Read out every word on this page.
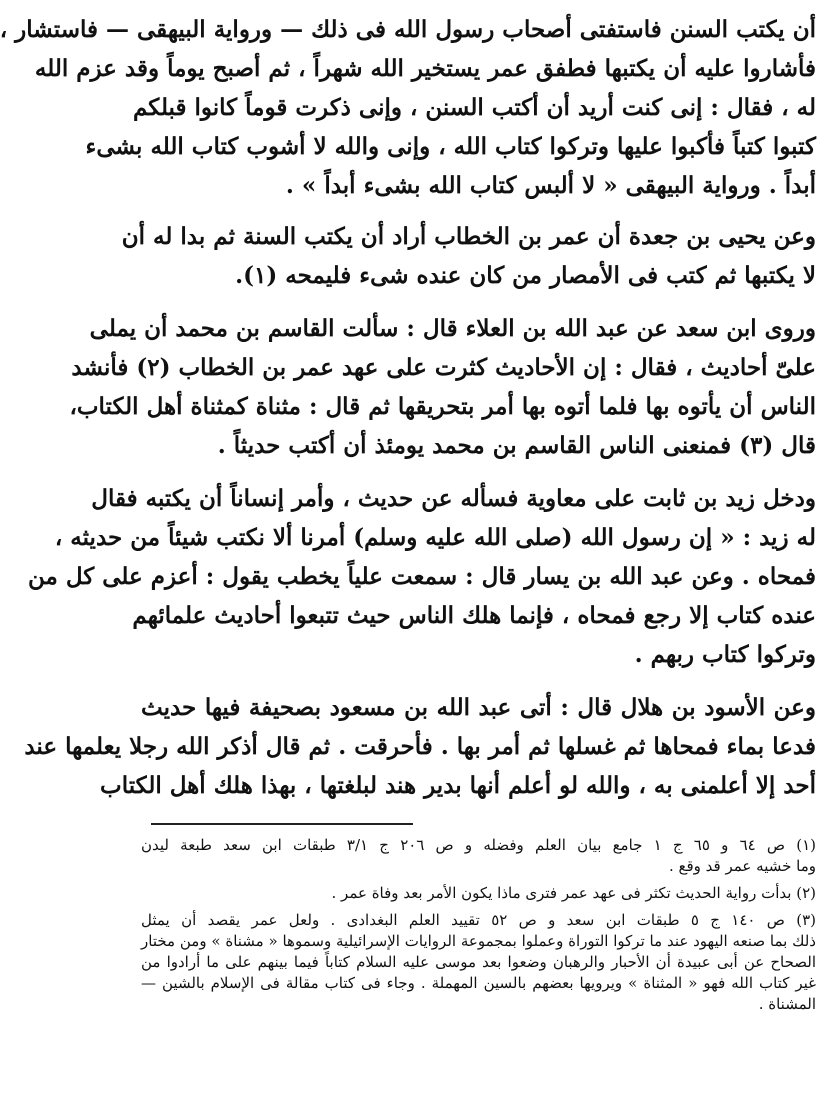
أن يكتب السنن فاستفتى أصحاب رسول الله فى ذلك — ورواية البيهقى — فاستشار ،
فأشاروا عليه أن يكتبها فطفق عمر يستخير الله شهراً ، ثم أصبح يوماً وقد عزم الله
له ، فقال : إنى كنت أريد أن أكتب السنن ، وإنى ذكرت قوماً كانوا قبلكم
كتبوا كتباً فأكبوا عليها وتركوا كتاب الله ، وإنى والله لا أشوب كتاب الله بشىء
أبداً . ورواية البيهقى « لا ألبس كتاب الله بشىء أبداً » .
وعن يحيى بن جعدة أن عمر بن الخطاب أراد أن يكتب السنة ثم بدا له أن
لا يكتبها ثم كتب فى الأمصار من كان عنده شىء فليمحه (١).
وروى ابن سعد عن عبد الله بن العلاء قال : سألت القاسم بن محمد أن يملى
علىّ أحاديث ، فقال : إن الأحاديث كثرت على عهد عمر بن الخطاب (٢) فأنشد
الناس أن يأتوه بها فلما أتوه بها أمر بتحريقها ثم قال : مثناة كمثناة أهل الكتاب،
قال (٣) فمنعنى الناس القاسم بن محمد يومئذ أن أكتب حديثاً .
ودخل زيد بن ثابت على معاوية فسأله عن حديث ، وأمر إنساناً أن يكتبه فقال
له زيد : « إن رسول الله (صلى الله عليه وسلم) أمرنا ألا نكتب شيئاً من حديثه ،
فمحاه . وعن عبد الله بن يسار قال : سمعت علياً يخطب يقول : أعزم على كل من
عنده كتاب إلا رجع فمحاه ، فإنما هلك الناس حيث تتبعوا أحاديث علمائهم
وتركوا كتاب ربهم .
وعن الأسود بن هلال قال : أتى عبد الله بن مسعود بصحيفة فيها حديث
فدعا بماء فمحاها ثم غسلها ثم أمر بها . فأحرقت . ثم قال أذكر الله رجلا يعلمها عند
أحد إلا أعلمنى به ، والله لو أعلم أنها بدير هند لبلغتها ، بهذا هلك أهل الكتاب
(١) ص ٦٤ و ٦٥ ج ١ جامع بيان العلم وفضله و ص ٢٠٦ ج ٣/١ طبقات ابن سعد طبعة ليدن
وما خشيه عمر قد وقع .
(٢) بدأت رواية الحديث تكثر فى عهد عمر فترى ماذا يكون الأمر بعد وفاة عمر .
(٣) ص ١٤٠ ج ٥ طبقات ابن سعد و ص ٥٢ تقييد العلم البغدادى . ولعل عمر يقصد أن يمثل
ذلك بما صنعه اليهود عند ما تركوا التوراة وعملوا بمجموعة الروايات الإسرائيلية وسموها « مشناة » ومن مختار
الصحاح عن أبى عبيدة أن الأحبار والرهبان وضعوا بعد موسى عليه السلام كتاباً فيما بينهم على ما أرادوا من
غير كتاب الله فهو « المثناة » ويرويها بعضهم بالسين المهملة . وجاء فى كتاب مقالة فى الإسلام بالشين —
المشناة .
